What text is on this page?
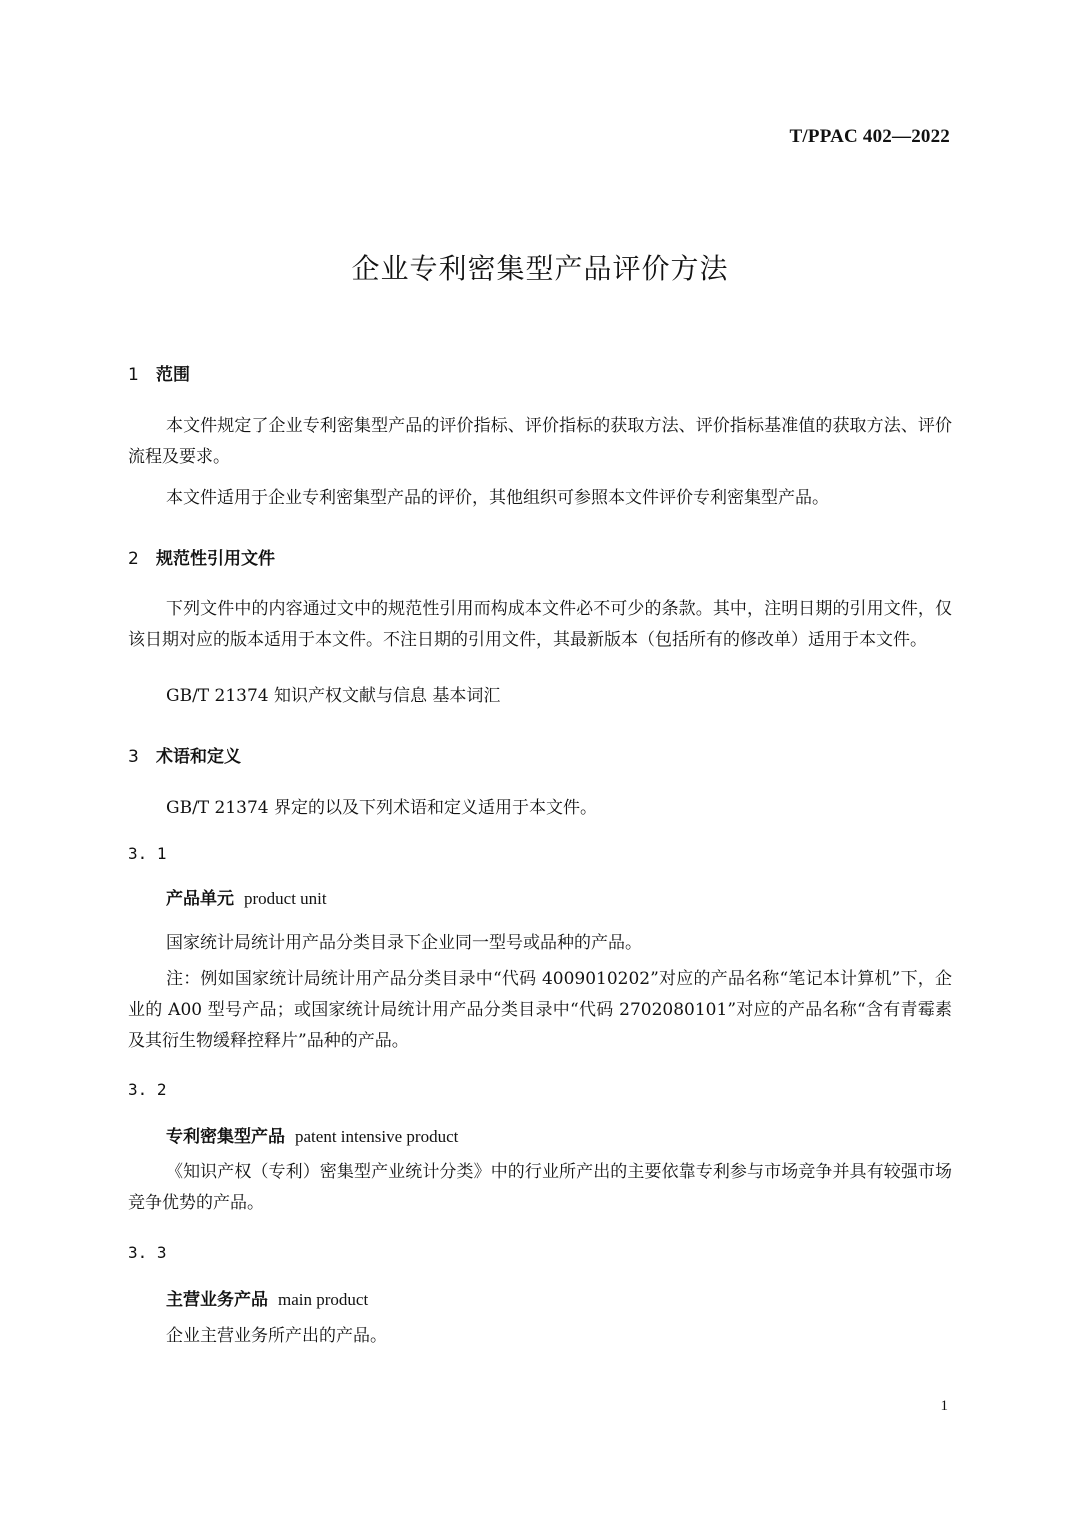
T/PPAC 402—2022
企业专利密集型产品评价方法
1 范围
本文件规定了企业专利密集型产品的评价指标、评价指标的获取方法、评价指标基准值的获取方法、评价流程及要求。
本文件适用于企业专利密集型产品的评价，其他组织可参照本文件评价专利密集型产品。
2 规范性引用文件
下列文件中的内容通过文中的规范性引用而构成本文件必不可少的条款。其中，注明日期的引用文件，仅该日期对应的版本适用于本文件。不注日期的引用文件，其最新版本（包括所有的修改单）适用于本文件。
GB/T 21374 知识产权文献与信息 基本词汇
3 术语和定义
GB/T 21374 界定的以及下列术语和定义适用于本文件。
3. 1
产品单元 product unit
国家统计局统计用产品分类目录下企业同一型号或品种的产品。
注：例如国家统计局统计用产品分类目录中“代码 4009010202”对应的产品名称“笔记本计算机”下，企业的 A00 型号产品；或国家统计局统计用产品分类目录中“代码 2702080101”对应的产品名称“含有青霉素及其衍生物缓释控释片”品种的产品。
3. 2
专利密集型产品 patent intensive product
《知识产权（专利）密集型产业统计分类》中的行业所产出的主要依靠专利参与市场竞争并具有较强市场竞争优势的产品。
3. 3
主营业务产品 main product
企业主营业务所产出的产品。
1
